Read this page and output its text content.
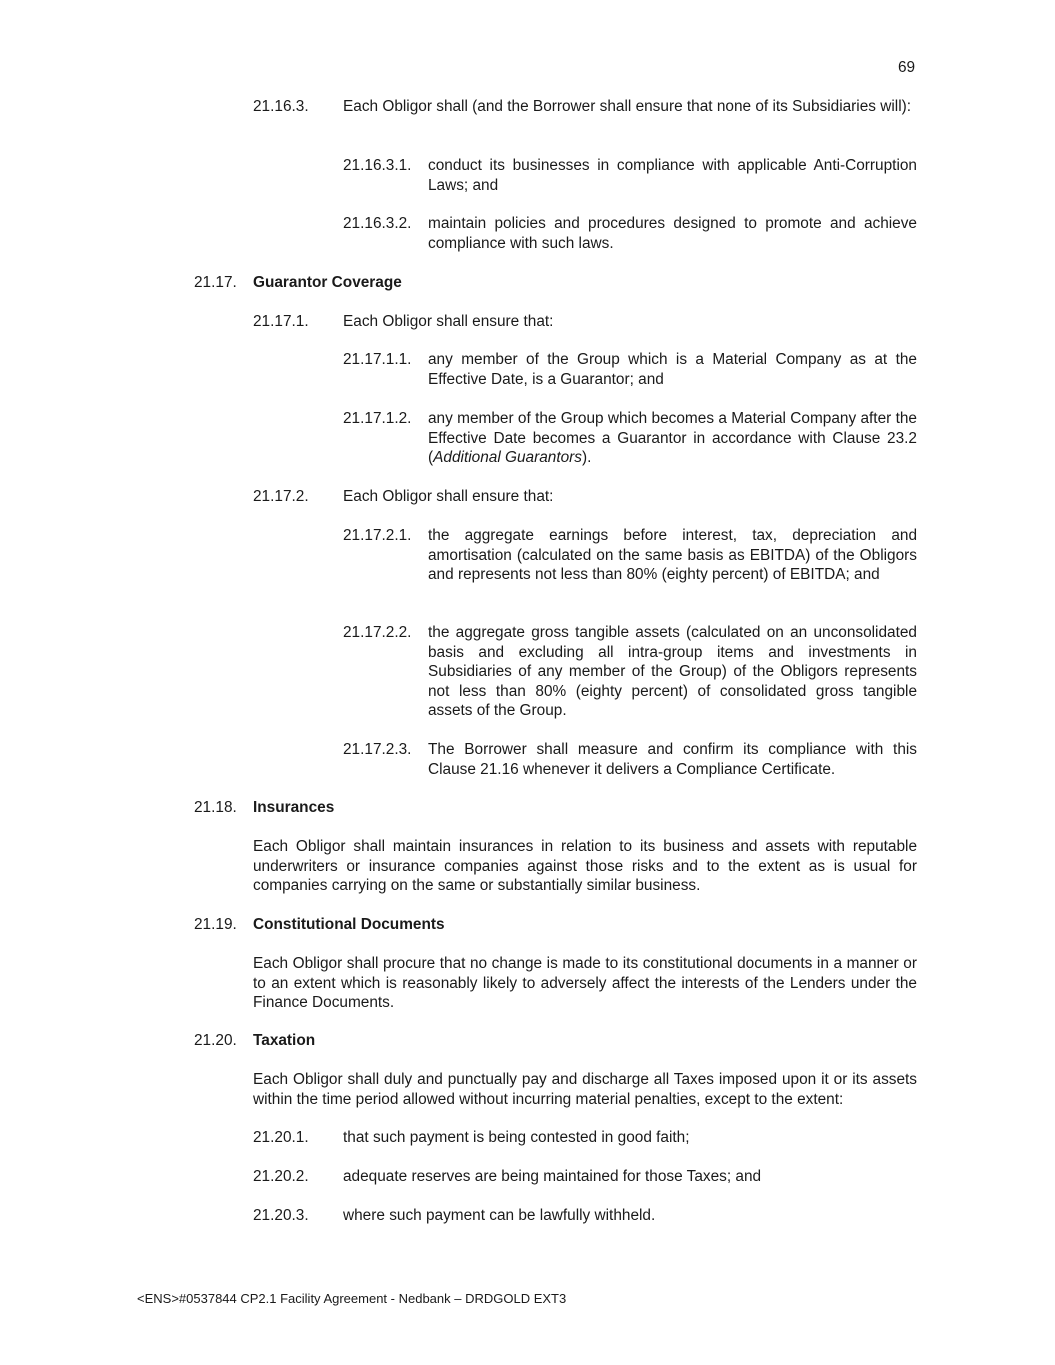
69
21.16.3. Each Obligor shall (and the Borrower shall ensure that none of its Subsidiaries will):
21.16.3.1. conduct its businesses in compliance with applicable Anti-Corruption Laws; and
21.16.3.2. maintain policies and procedures designed to promote and achieve compliance with such laws.
21.17. Guarantor Coverage
21.17.1. Each Obligor shall ensure that:
21.17.1.1. any member of the Group which is a Material Company as at the Effective Date, is a Guarantor; and
21.17.1.2. any member of the Group which becomes a Material Company after the Effective Date becomes a Guarantor in accordance with Clause 23.2 (Additional Guarantors).
21.17.2. Each Obligor shall ensure that:
21.17.2.1. the aggregate earnings before interest, tax, depreciation and amortisation (calculated on the same basis as EBITDA) of the Obligors and represents not less than 80% (eighty percent) of EBITDA; and
21.17.2.2. the aggregate gross tangible assets (calculated on an unconsolidated basis and excluding all intra-group items and investments in Subsidiaries of any member of the Group) of the Obligors represents not less than 80% (eighty percent) of consolidated gross tangible assets of the Group.
21.17.2.3. The Borrower shall measure and confirm its compliance with this Clause 21.16 whenever it delivers a Compliance Certificate.
21.18. Insurances
Each Obligor shall maintain insurances in relation to its business and assets with reputable underwriters or insurance companies against those risks and to the extent as is usual for companies carrying on the same or substantially similar business.
21.19. Constitutional Documents
Each Obligor shall procure that no change is made to its constitutional documents in a manner or to an extent which is reasonably likely to adversely affect the interests of the Lenders under the Finance Documents.
21.20. Taxation
Each Obligor shall duly and punctually pay and discharge all Taxes imposed upon it or its assets within the time period allowed without incurring material penalties, except to the extent:
21.20.1. that such payment is being contested in good faith;
21.20.2. adequate reserves are being maintained for those Taxes; and
21.20.3. where such payment can be lawfully withheld.
<ENS>#0537844 CP2.1 Facility Agreement - Nedbank – DRDGOLD EXT3
